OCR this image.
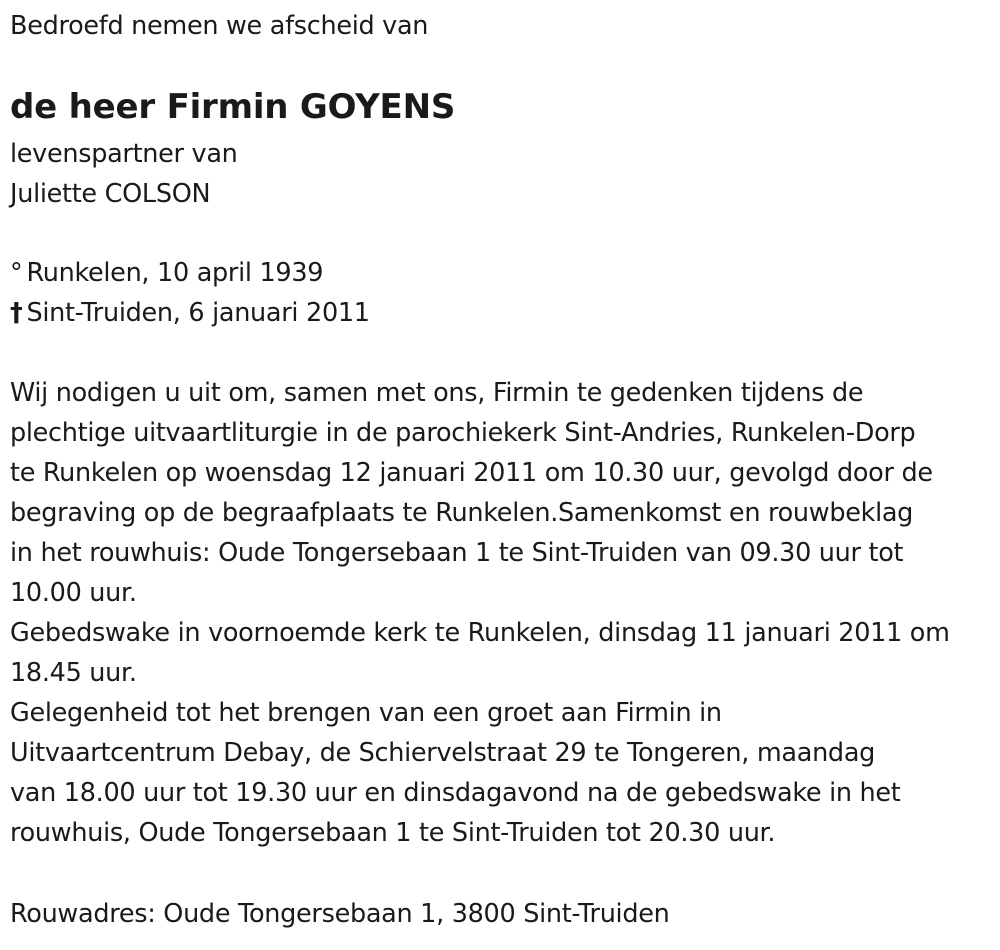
Bedroefd nemen we afscheid van
de heer Firmin GOYENS
levenspartner van
Juliette COLSON
° Runkelen, 10 april 1939
† Sint-Truiden, 6 januari 2011
Wij nodigen u uit om, samen met ons, Firmin te gedenken tijdens de
plechtige uitvaartliturgie in de parochiekerk Sint-Andries, Runkelen-Dorp
te Runkelen op woensdag 12 januari 2011 om 10.30 uur, gevolgd door de
begraving op de begraafplaats te Runkelen.Samenkomst en rouwbeklag
in het rouwhuis: Oude Tongersebaan 1 te Sint-Truiden van 09.30 uur tot
10.00 uur.
Gebedswake in voornoemde kerk te Runkelen, dinsdag 11 januari 2011 om
18.45 uur.
Gelegenheid tot het brengen van een groet aan Firmin in
Uitvaartcentrum Debay, de Schiervelstraat 29 te Tongeren, maandag
van 18.00 uur tot 19.30 uur en dinsdagavond na de gebedswake in het
rouwhuis, Oude Tongersebaan 1 te Sint-Truiden tot 20.30 uur.
Rouwadres: Oude Tongersebaan 1, 3800 Sint-Truiden
